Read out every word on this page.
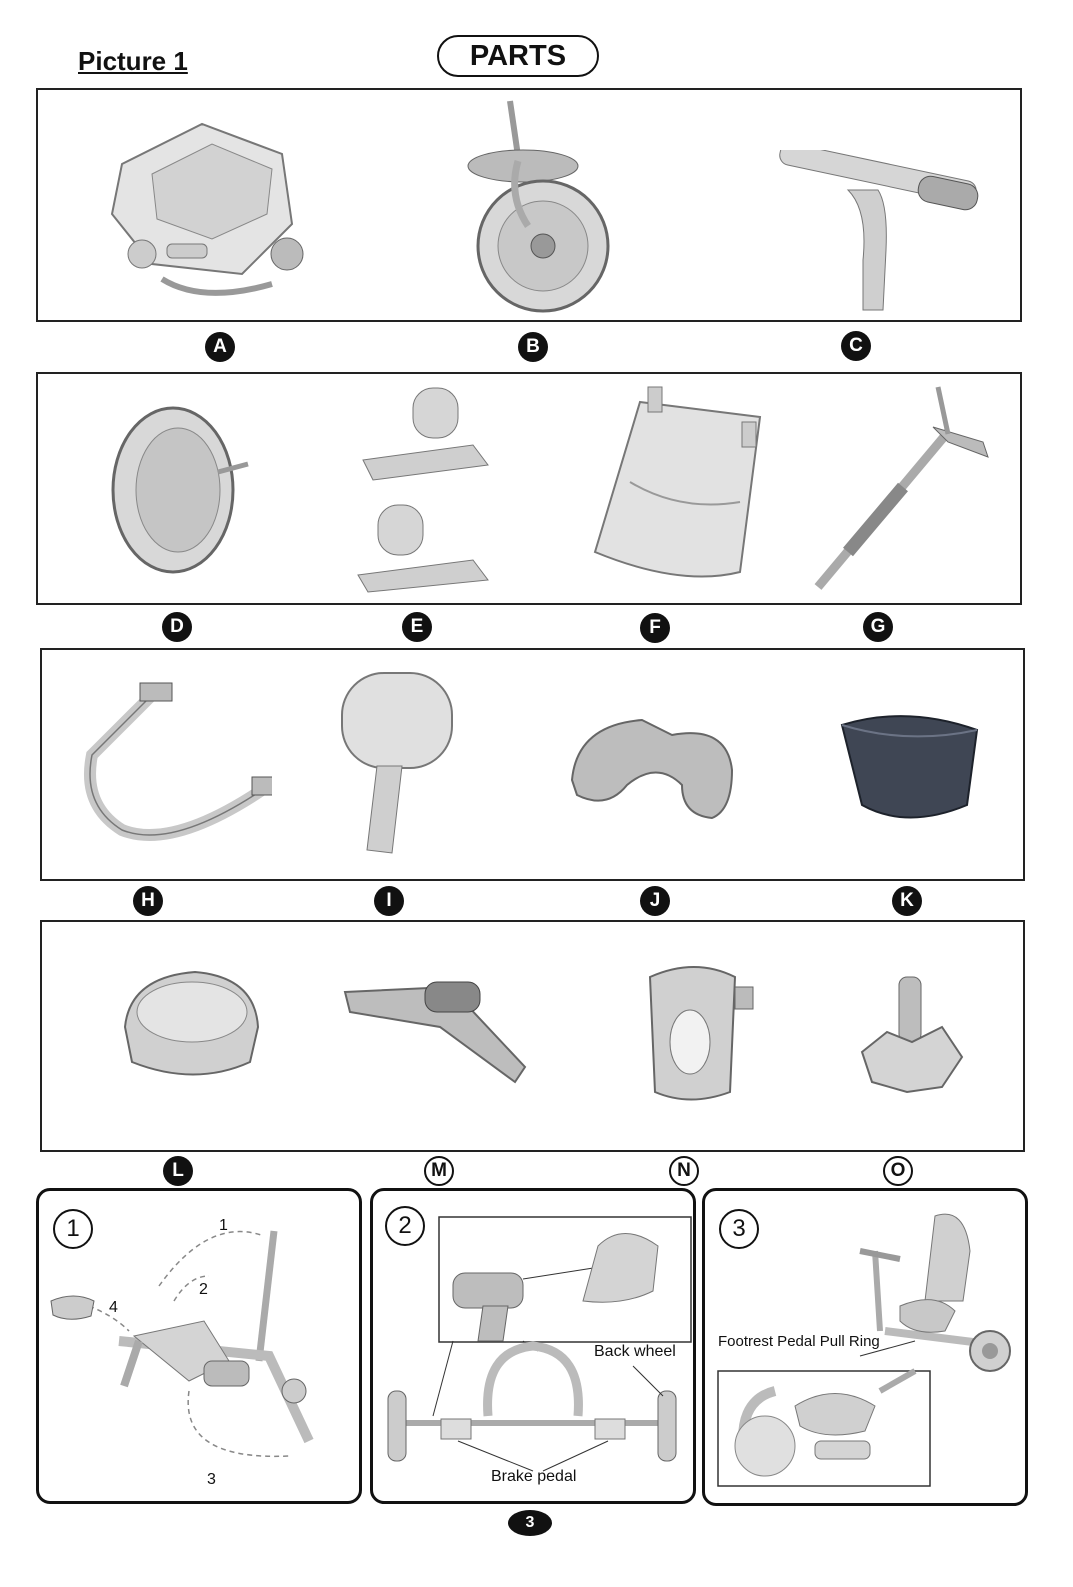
Picture 1	PARTS
A	B	C
D	E	F	G
H	I	J	K
L	M	N	O
1	1
2
3
4
2
Back wheel
Brake pedal
3
Footrest Pedal Pull Ring
3
